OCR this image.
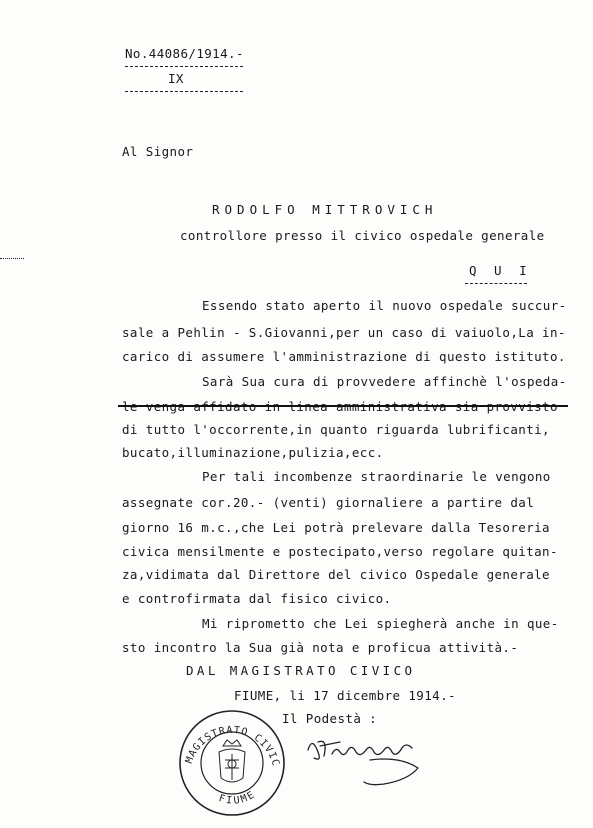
No.44086/1914.-
IX
Al Signor
RODOLFO MITTROVICH
controllore presso il civico ospedale generale
Q U I
Essendo stato aperto il nuovo ospedale succur-
sale a Pehlin - S.Giovanni,per un caso di vaiuolo,La in-
carico di assumere l'amministrazione di questo istituto.
Sarà Sua cura di provvedere affinchè l'ospeda-
di tutto l'occorrente,in quanto riguarda lubrificanti,
bucato,illuminazione,pulizia,ecc.
Per tali incombenze straordinarie le vengono
assegnate cor.20.- (venti) giornaliere a partire dal
giorno 16 m.c.,che Lei potrà prelevare dalla Tesoreria
civica mensilmente e postecipato,verso regolare quitan-
za,vidimata dal Direttore del civico Ospedale generale
e controfirmata dal fisico civico.
Mi riprometto che Lei spiegherà anche in que-
sto incontro la Sua già nota e proficua attività.-
DAL MAGISTRATO CIVICO
FIUME, li 17 dicembre 1914.-
Il Podestà :
MAGISTRATO CIVICO
FIUME
